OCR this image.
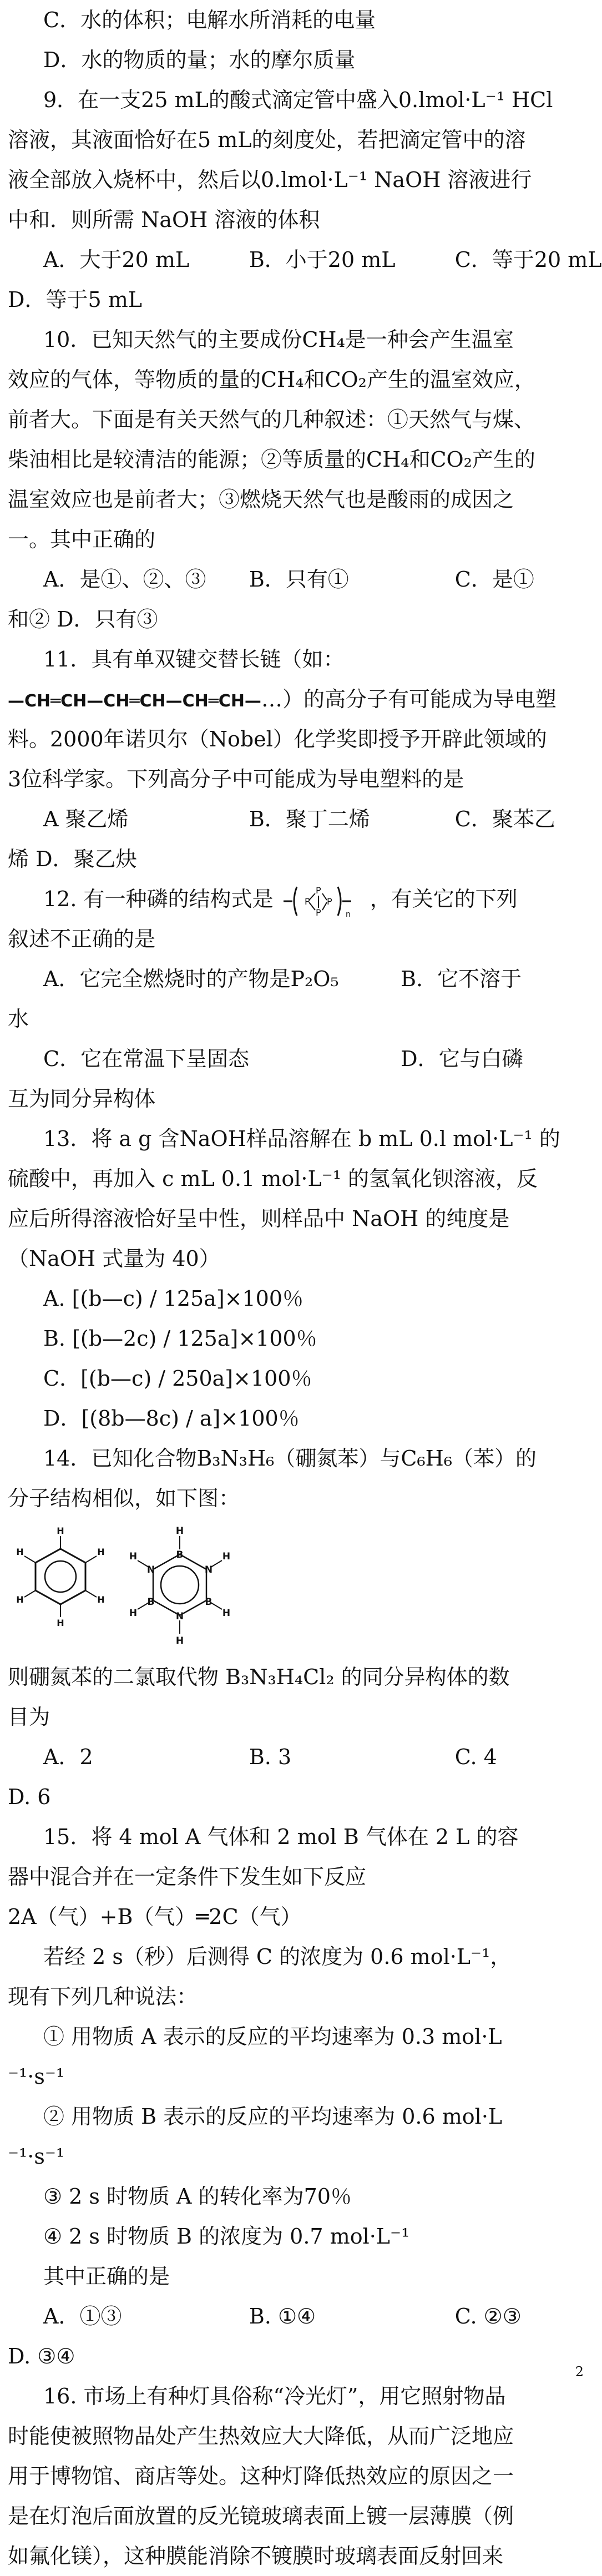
C．水的体积；电解水所消耗的电量
D．水的物质的量；水的摩尔质量
9．在一支25 mL的酸式滴定管中盛入0.lmol·L⁻¹ HCl
溶液，其液面恰好在5 mL的刻度处，若把滴定管中的溶
液全部放入烧杯中，然后以0.lmol·L⁻¹ NaOH 溶液进行
中和．则所需 NaOH 溶液的体积
A．大于20 mL	B．小于20 mL	C．等于20 mL
D．等于5 mL
10．已知天然气的主要成份CH₄是一种会产生温室
效应的气体，等物质的量的CH₄和CO₂产生的温室效应，
前者大。下面是有关天然气的几种叙述：①天然气与煤、
柴油相比是较清洁的能源；②等质量的CH₄和CO₂产生的
温室效应也是前者大；③燃烧天然气也是酸雨的成因之
一。其中正确的
A．是①、②、③ B．只有①	C．是①
和② D．只有③
11．具有单双键交替长链（如：
—CH═CH—CH═CH—CH═CH—…）的高分子有可能成为导电塑
料。2000年诺贝尔（Nobel）化学奖即授予开辟此领域的
3位科学家。下列高分子中可能成为导电塑料的是
A 聚乙烯	B．聚丁二烯	C．聚苯乙
烯 D．聚乙炔
12. 有一种磷的结构式是	P
P
P
P
n
，有关它的下列
叙述不正确的是
A．它完全燃烧时的产物是P₂O₅	B．它不溶于
水
C．它在常温下呈固态	D．它与白磷
互为同分异构体
13．将 a g 含NaOH样品溶解在 b mL 0.l mol·L⁻¹ 的
硫酸中，再加入 c mL 0.1 mol·L⁻¹ 的氢氧化钡溶液，反
应后所得溶液恰好呈中性，则样品中 NaOH 的纯度是
（NaOH 式量为 40）
A. [(b—c) / 125a]×100％
B. [(b—2c) / 125a]×100％
C．[(b—c) / 250a]×100％
D．[(8b—8c) / a]×100％
14．已知化合物B₃N₃H₆（硼氮苯）与C₆H₆（苯）的
分子结构相似，如下图：
H
H
H
H
H
H	B
N
B
N
B
N
H
H
H
H
H
H
则硼氮苯的二氯取代物 B₃N₃H₄Cl₂ 的同分异构体的数
目为
A．2	B. 3	C. 4
D. 6
15．将 4 mol A 气体和 2 mol B 气体在 2 L 的容
器中混合并在一定条件下发生如下反应
2A（气）+B（气）═2C（气）
若经 2 s（秒）后测得 C 的浓度为 0.6 mol·L⁻¹，
现有下列几种说法：
① 用物质 A 表示的反应的平均速率为 0.3 mol·L
⁻¹·s⁻¹
② 用物质 B 表示的反应的平均速率为 0.6 mol·L
⁻¹·s⁻¹
③ 2 s 时物质 A 的转化率为70％
④ 2 s 时物质 B 的浓度为 0.7 mol·L⁻¹
其中正确的是
A．①③	B. ①④	C. ②③
D. ③④
16. 市场上有种灯具俗称“冷光灯”，用它照射物品
时能使被照物品处产生热效应大大降低，从而广泛地应
用于博物馆、商店等处。这种灯降低热效应的原因之一
是在灯泡后面放置的反光镜玻璃表面上镀一层薄膜（例
如氟化镁），这种膜能消除不镀膜时玻璃表面反射回来
2
